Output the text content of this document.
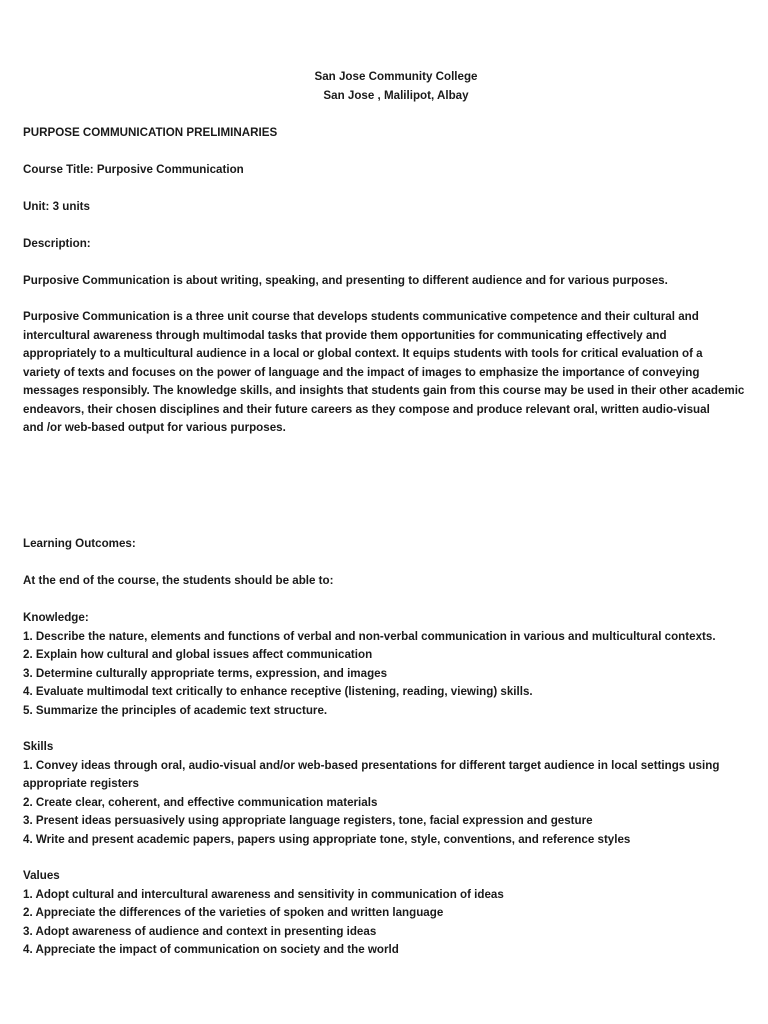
San Jose Community College
San Jose , Malilipot, Albay
PURPOSE COMMUNICATION PRELIMINARIES
Course Title: Purposive Communication
Unit: 3 units
Description:
Purposive Communication is about writing, speaking, and presenting to different audience and for various purposes.
Purposive Communication is a three unit course that develops students communicative competence and their cultural and
intercultural awareness through multimodal tasks that provide them opportunities for communicating effectively and
appropriately to a multicultural audience in a local or global context. It equips students with tools for critical evaluation of a
variety of texts and focuses on the power of language and the impact of images to emphasize the importance of conveying
messages responsibly. The knowledge skills, and insights that students gain from this course may be used in their other academic
endeavors, their chosen disciplines and their future careers as they compose and produce relevant oral, written audio-visual
and /or web-based output for various purposes.
Learning Outcomes:
At the end of the course, the students should be able to:
Knowledge:
1. Describe the nature, elements and functions of verbal and non-verbal communication in various and multicultural contexts.
2. Explain how cultural and global issues affect communication
3. Determine culturally appropriate terms, expression, and images
4. Evaluate multimodal text critically to enhance receptive (listening, reading, viewing) skills.
5. Summarize the principles of academic text structure.
Skills
1. Convey ideas through oral, audio-visual and/or web-based presentations for different target audience in local settings using
appropriate registers
2. Create clear, coherent, and effective communication materials
3. Present ideas persuasively using appropriate language registers, tone, facial expression and gesture
4. Write and present academic papers, papers using appropriate tone, style, conventions, and reference styles
Values
1. Adopt cultural and intercultural awareness and sensitivity in communication of ideas
2. Appreciate the differences of the varieties of spoken and written language
3. Adopt awareness of audience and context in presenting ideas
4. Appreciate the impact of communication on society and the world
